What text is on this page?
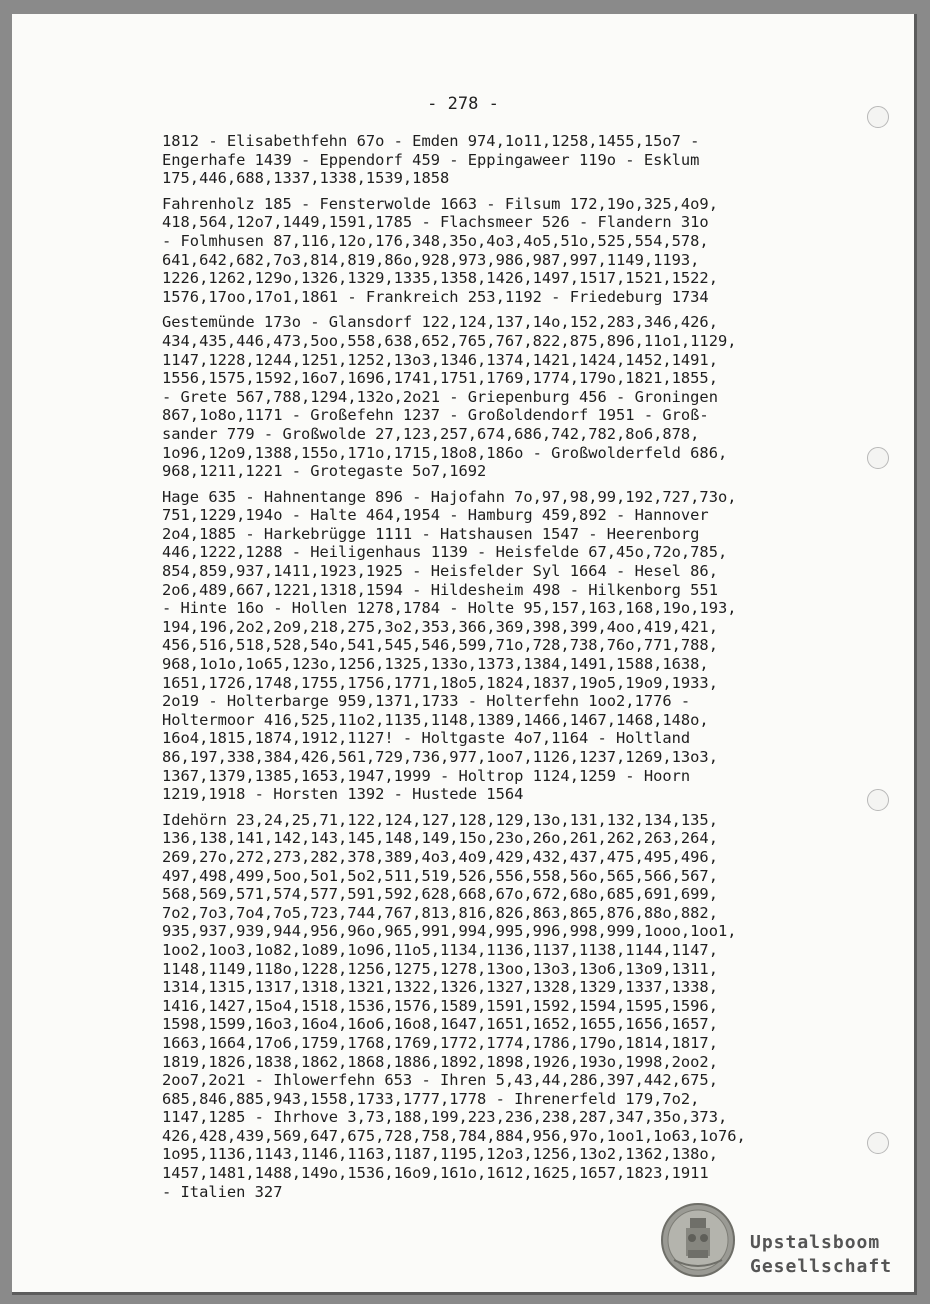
- 278 -
1812 - Elisabethfehn 67o - Emden 974,1o11,1258,1455,15o7 -
Engerhafe 1439 - Eppendorf 459 - Eppingaweer 119o - Esklum
175,446,688,1337,1338,1539,1858
Fahrenholz 185 - Fensterwolde 1663 - Filsum 172,19o,325,4o9,
418,564,12o7,1449,1591,1785 - Flachsmeer 526 - Flandern 31o
- Folmhusen 87,116,12o,176,348,35o,4o3,4o5,51o,525,554,578,
641,642,682,7o3,814,819,86o,928,973,986,987,997,1149,1193,
1226,1262,129o,1326,1329,1335,1358,1426,1497,1517,1521,1522,
1576,17oo,17o1,1861 - Frankreich 253,1192 - Friedeburg 1734
Gestemünde 173o - Glansdorf 122,124,137,14o,152,283,346,426,
434,435,446,473,5oo,558,638,652,765,767,822,875,896,11o1,1129,
1147,1228,1244,1251,1252,13o3,1346,1374,1421,1424,1452,1491,
1556,1575,1592,16o7,1696,1741,1751,1769,1774,179o,1821,1855,
- Grete 567,788,1294,132o,2o21 - Griepenburg 456 - Groningen
867,1o8o,1171 - Großefehn 1237 - Großoldendorf 1951 - Groß-
sander 779 - Großwolde 27,123,257,674,686,742,782,8o6,878,
1o96,12o9,1388,155o,171o,1715,18o8,186o - Großwolderfeld 686,
968,1211,1221 - Grotegaste 5o7,1692
Hage 635 - Hahnentange 896 - Hajofahn 7o,97,98,99,192,727,73o,
751,1229,194o - Halte 464,1954 - Hamburg 459,892 - Hannover
2o4,1885 - Harkebrügge 1111 - Hatshausen 1547 - Heerenborg
446,1222,1288 - Heiligenhaus 1139 - Heisfelde 67,45o,72o,785,
854,859,937,1411,1923,1925 - Heisfelder Syl 1664 - Hesel 86,
2o6,489,667,1221,1318,1594 - Hildesheim 498 - Hilkenborg 551
- Hinte 16o - Hollen 1278,1784 - Holte 95,157,163,168,19o,193,
194,196,2o2,2o9,218,275,3o2,353,366,369,398,399,4oo,419,421,
456,516,518,528,54o,541,545,546,599,71o,728,738,76o,771,788,
968,1o1o,1o65,123o,1256,1325,133o,1373,1384,1491,1588,1638,
1651,1726,1748,1755,1756,1771,18o5,1824,1837,19o5,19o9,1933,
2o19 - Holterbarge 959,1371,1733 - Holterfehn 1oo2,1776 -
Holtermoor 416,525,11o2,1135,1148,1389,1466,1467,1468,148o,
16o4,1815,1874,1912,1127! - Holtgaste 4o7,1164 - Holtland
86,197,338,384,426,561,729,736,977,1oo7,1126,1237,1269,13o3,
1367,1379,1385,1653,1947,1999 - Holtrop 1124,1259 - Hoorn
1219,1918 - Horsten 1392 - Hustede 1564
Idehörn 23,24,25,71,122,124,127,128,129,13o,131,132,134,135,
136,138,141,142,143,145,148,149,15o,23o,26o,261,262,263,264,
269,27o,272,273,282,378,389,4o3,4o9,429,432,437,475,495,496,
497,498,499,5oo,5o1,5o2,511,519,526,556,558,56o,565,566,567,
568,569,571,574,577,591,592,628,668,67o,672,68o,685,691,699,
7o2,7o3,7o4,7o5,723,744,767,813,816,826,863,865,876,88o,882,
935,937,939,944,956,96o,965,991,994,995,996,998,999,1ooo,1oo1,
1oo2,1oo3,1o82,1o89,1o96,11o5,1134,1136,1137,1138,1144,1147,
1148,1149,118o,1228,1256,1275,1278,13oo,13o3,13o6,13o9,1311,
1314,1315,1317,1318,1321,1322,1326,1327,1328,1329,1337,1338,
1416,1427,15o4,1518,1536,1576,1589,1591,1592,1594,1595,1596,
1598,1599,16o3,16o4,16o6,16o8,1647,1651,1652,1655,1656,1657,
1663,1664,17o6,1759,1768,1769,1772,1774,1786,179o,1814,1817,
1819,1826,1838,1862,1868,1886,1892,1898,1926,193o,1998,2oo2,
2oo7,2o21 - Ihlowerfehn 653 - Ihren 5,43,44,286,397,442,675,
685,846,885,943,1558,1733,1777,1778 - Ihrenerfeld 179,7o2,
1147,1285 - Ihrhove 3,73,188,199,223,236,238,287,347,35o,373,
426,428,439,569,647,675,728,758,784,884,956,97o,1oo1,1o63,1o76,
1o95,1136,1143,1146,1163,1187,1195,12o3,1256,13o2,1362,138o,
1457,1481,1488,149o,1536,16o9,161o,1612,1625,1657,1823,1911
- Italien 327
Upstalsboom
Gesellschaft
